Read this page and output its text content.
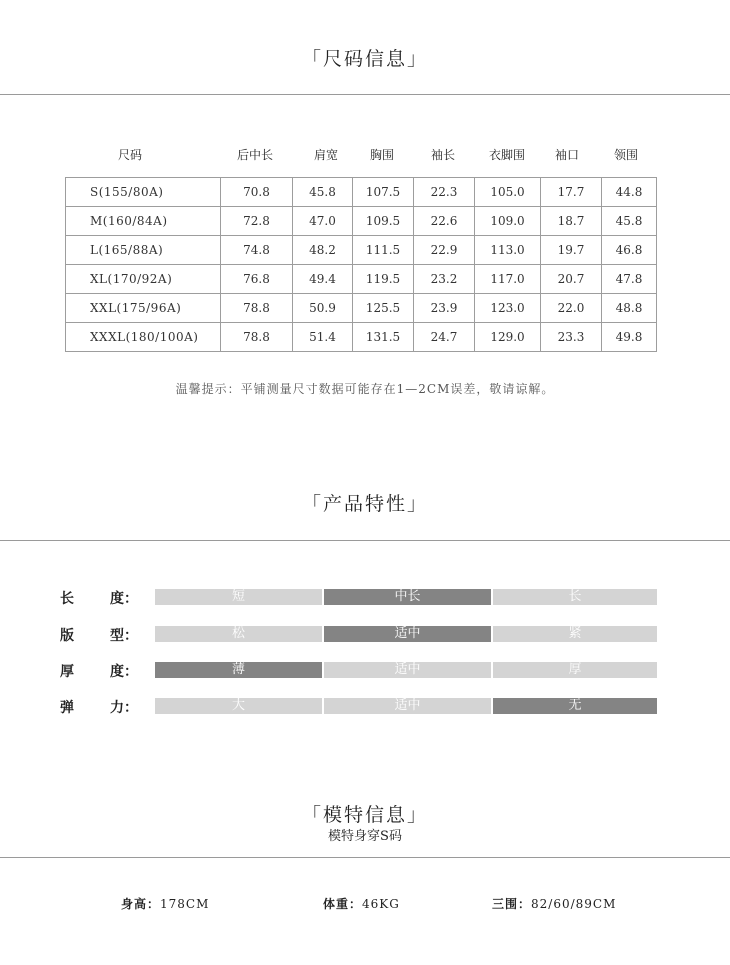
「尺码信息」
尺码	后中长	肩宽	胸围	袖长	衣脚围	袖口	领围
S(155/80A)	70.8	45.8	107.5	22.3	105.0	17.7	44.8
M(160/84A)	72.8	47.0	109.5	22.6	109.0	18.7	45.8
L(165/88A)	74.8	48.2	111.5	22.9	113.0	19.7	46.8
XL(170/92A)	76.8	49.4	119.5	23.2	117.0	20.7	47.8
XXL(175/96A)	78.8	50.9	125.5	23.9	123.0	22.0	48.8
XXXL(180/100A)	78.8	51.4	131.5	24.7	129.0	23.3	49.8
温馨提示：平铺测量尺寸数据可能存在1—2CM误差，敬请谅解。
「产品特性」
长	度：	短	中长	长
版	型：	松	适中	紧
厚	度：	薄	适中	厚
弹	力：	大	适中	无
「模特信息」
模特身穿S码
身高：178CM	体重：46KG	三围：82/60/89CM
